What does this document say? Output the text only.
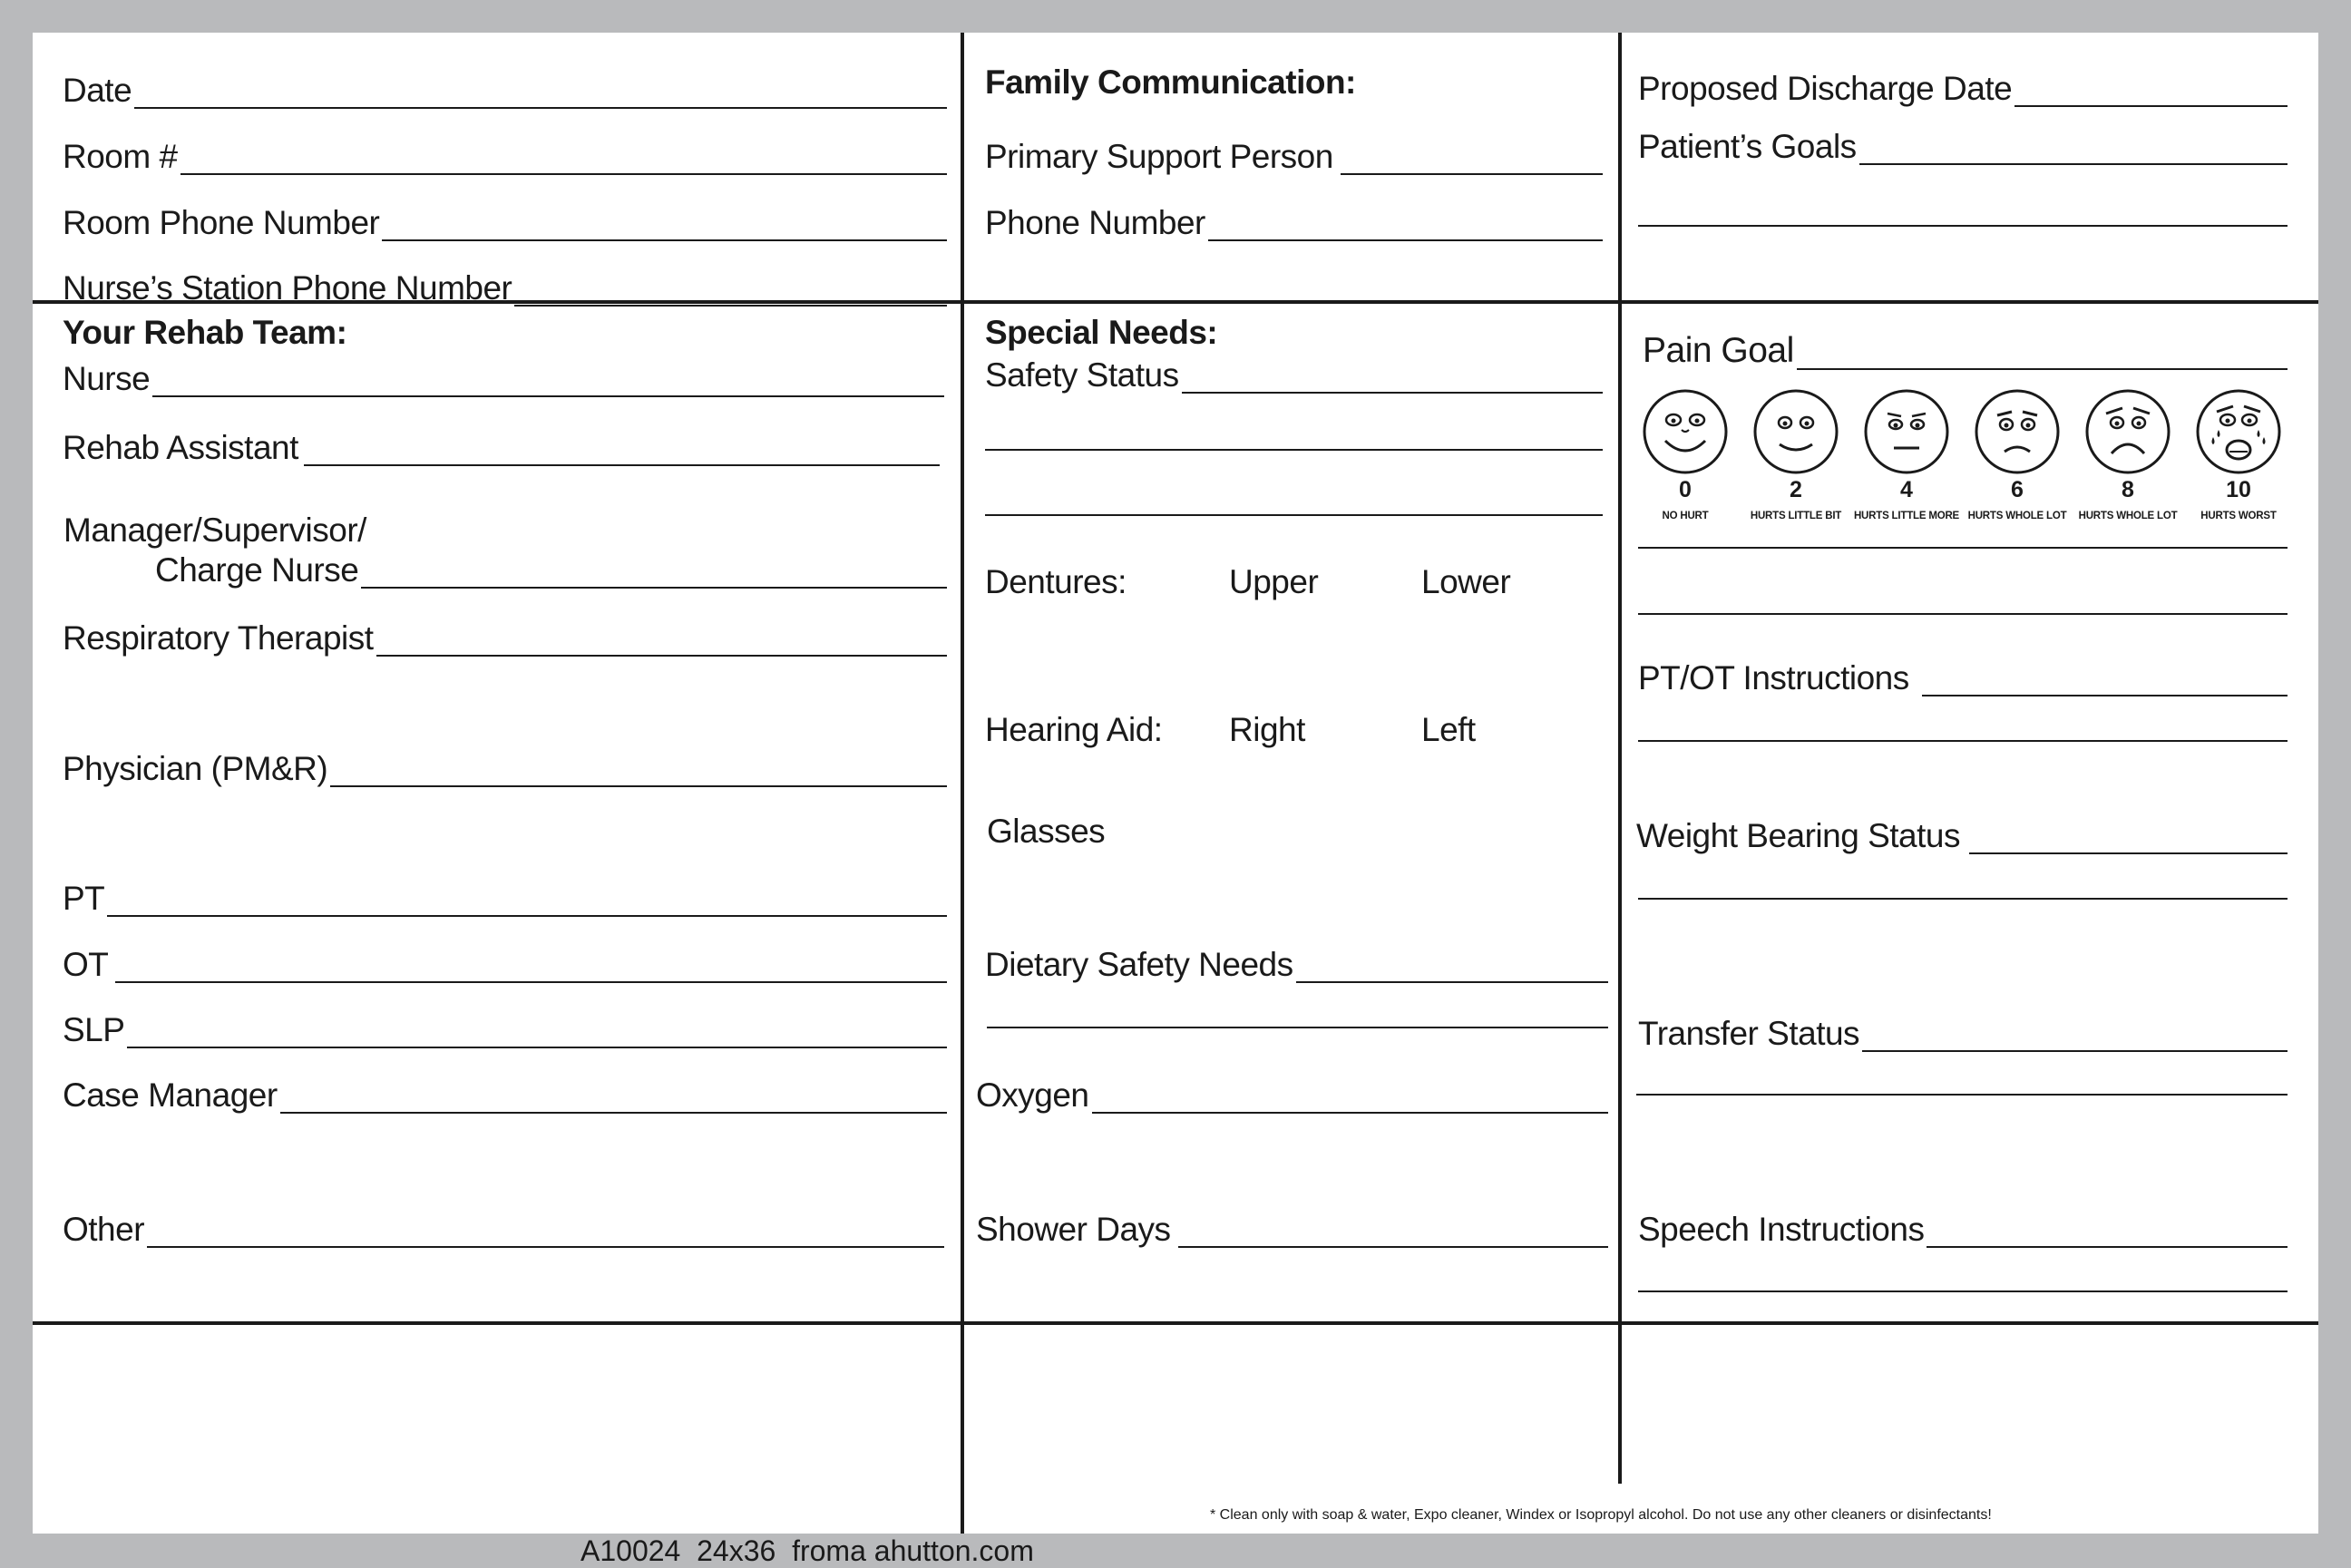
Date
Room #
Room Phone Number
Nurse’s Station Phone Number
Family Communication:
Primary Support Person
Phone Number
Proposed Discharge Date
Patient’s Goals
Your Rehab Team:
Nurse
Rehab Assistant
Manager/Supervisor/
Charge Nurse
Respiratory Therapist
Physician (PM&R)
PT
OT
SLP
Case Manager
Other
Special Needs:
Safety Status
Dentures:	Upper	Lower
Hearing Aid: Right	Left
Glasses
Dietary Safety Needs
Oxygen
Shower Days
Pain Goal
0
NO HURT
2
HURTS LITTLE BIT
4
HURTS LITTLE MORE
6
HURTS WHOLE LOT
8
HURTS WHOLE LOT
10
HURTS WORST
PT/OT Instructions
Weight Bearing Status
Transfer Status
Speech Instructions
* Clean only with soap & water, Expo cleaner, Windex or Isopropyl alcohol. Do not use any other cleaners or disinfectants!
A10024  24x36  froma ahutton.com
